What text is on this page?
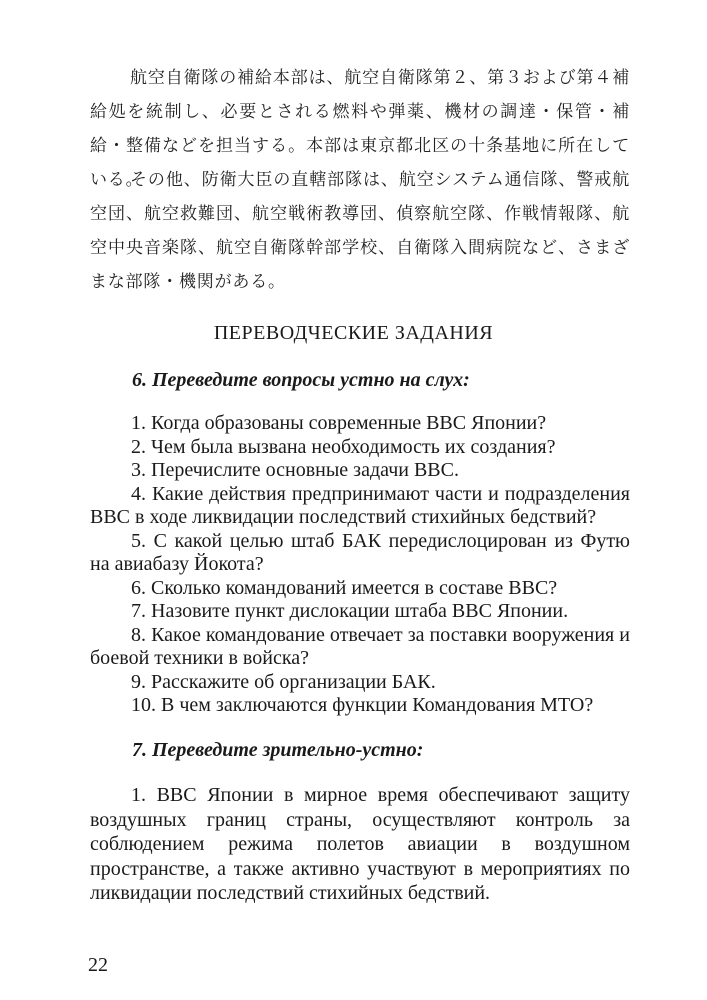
航空自衛隊の補給本部は、航空自衛隊第２、第３および第４補給処を統制し、必要とされる燃料や弾薬、機材の調達・保管・補給・整備などを担当する。本部は東京都北区の十条基地に所在している。

その他、防衛大臣の直轄部隊は、航空システム通信隊、警戒航空団、航空救難団、航空戦術教導団、偵察航空隊、作戦情報隊、航空中央音楽隊、航空自衛隊幹部学校、自衛隊入間病院など、さまざまな部隊・機関がある。

ПЕРЕВОДЧЕСКИЕ ЗАДАНИЯ
6. Переведите вопросы устно на слух:
1. Когда образованы современные ВВС Японии?
2. Чем была вызвана необходимость их создания?
3. Перечислите основные задачи ВВС.
4. Какие действия предпринимают части и подразделения ВВС в ходе ликвидации последствий стихийных бедствий?
5. С какой целью штаб БАК передислоцирован из Футю на авиабазу Йокота?
6. Сколько командований имеется в составе ВВС?
7. Назовите пункт дислокации штаба ВВС Японии.
8. Какое командование отвечает за поставки вооружения и боевой техники в войска?
9. Расскажите об организации БАК.
10. В чем заключаются функции Командования МТО?
7. Переведите зрительно-устно:
1. ВВС Японии в мирное время обеспечивают защиту воздушных границ страны, осуществляют контроль за соблюдением режима полетов авиации в воздушном пространстве, а также активно участвуют в мероприятиях по ликвидации последствий стихийных бедствий.
22
